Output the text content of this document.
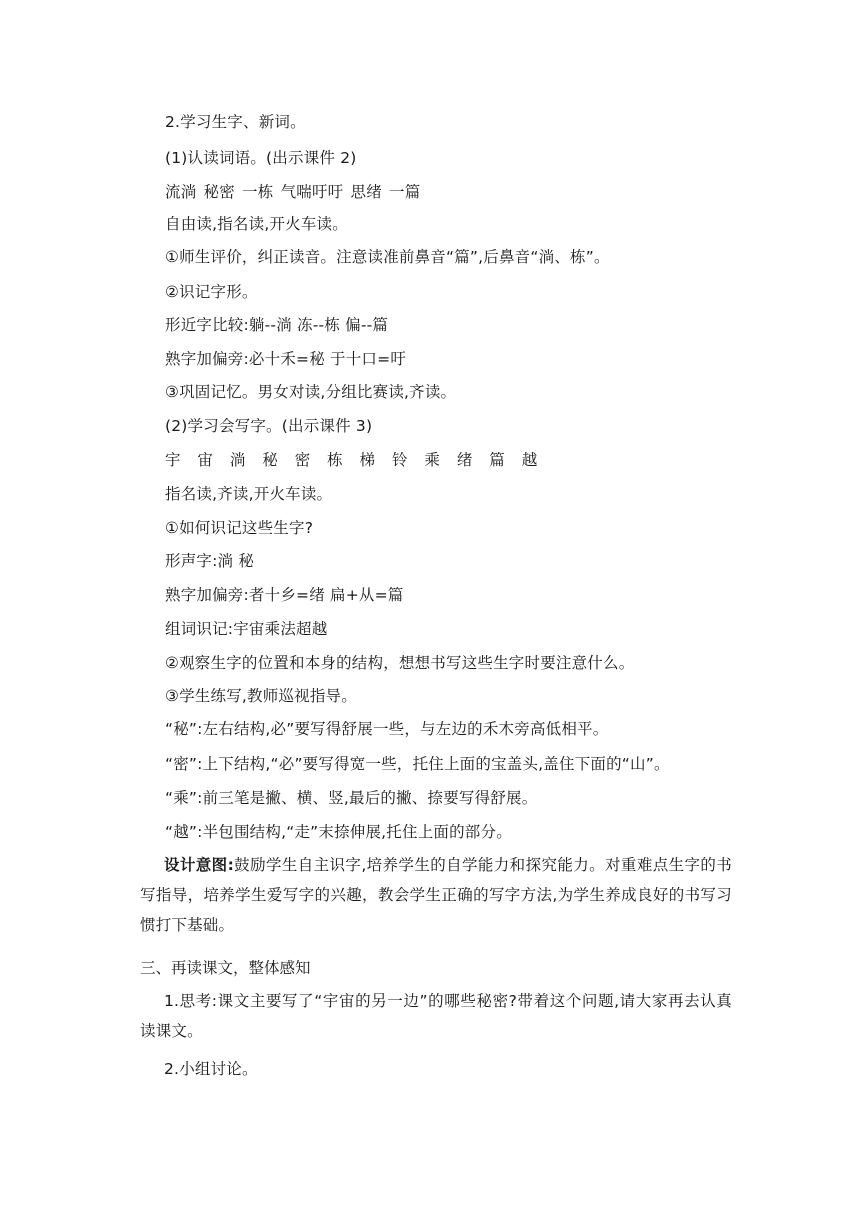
2.学习生字、新词。
(1)认读词语。(出示课件 2)
流淌 秘密 一栋 气喘吁吁 思绪 一篇
自由读,指名读,开火车读。
①师生评价，纠正读音。注意读准前鼻音“篇”,后鼻音“淌、栋”。
②识记字形。
形近字比较:躺--淌 冻--栋 偏--篇
熟字加偏旁:必十禾=秘 于十口=吁
③巩固记忆。男女对读,分组比赛读,齐读。
(2)学习会写字。(出示课件 3)
宇 宙 淌 秘 密 栋 梯 铃 乘 绪 篇 越
指名读,齐读,开火车读。
①如何识记这些生字?
形声字:淌 秘
熟字加偏旁:者十乡=绪 扁+从=篇
组词识记:宇宙乘法超越
②观察生字的位置和本身的结构，想想书写这些生字时要注意什么。
③学生练写,教师巡视指导。
“秘”:左右结构,必”要写得舒展一些，与左边的禾木旁高低相平。
“密”:上下结构,“必”要写得宽一些，托住上面的宝盖头,盖住下面的“山”。
“乘”:前三笔是撇、横、竖,最后的撇、捺要写得舒展。
“越”:半包围结构,“走”末捺伸展,托住上面的部分。
设计意图:鼓励学生自主识字,培养学生的自学能力和探究能力。对重难点生字的书写指导，培养学生爱写字的兴趣，教会学生正确的写字方法,为学生养成良好的书写习惯打下基础。
三、再读课文，整体感知
1.思考:课文主要写了“宇宙的另一边”的哪些秘密?带着这个问题,请大家再去认真读课文。
2.小组讨论。
